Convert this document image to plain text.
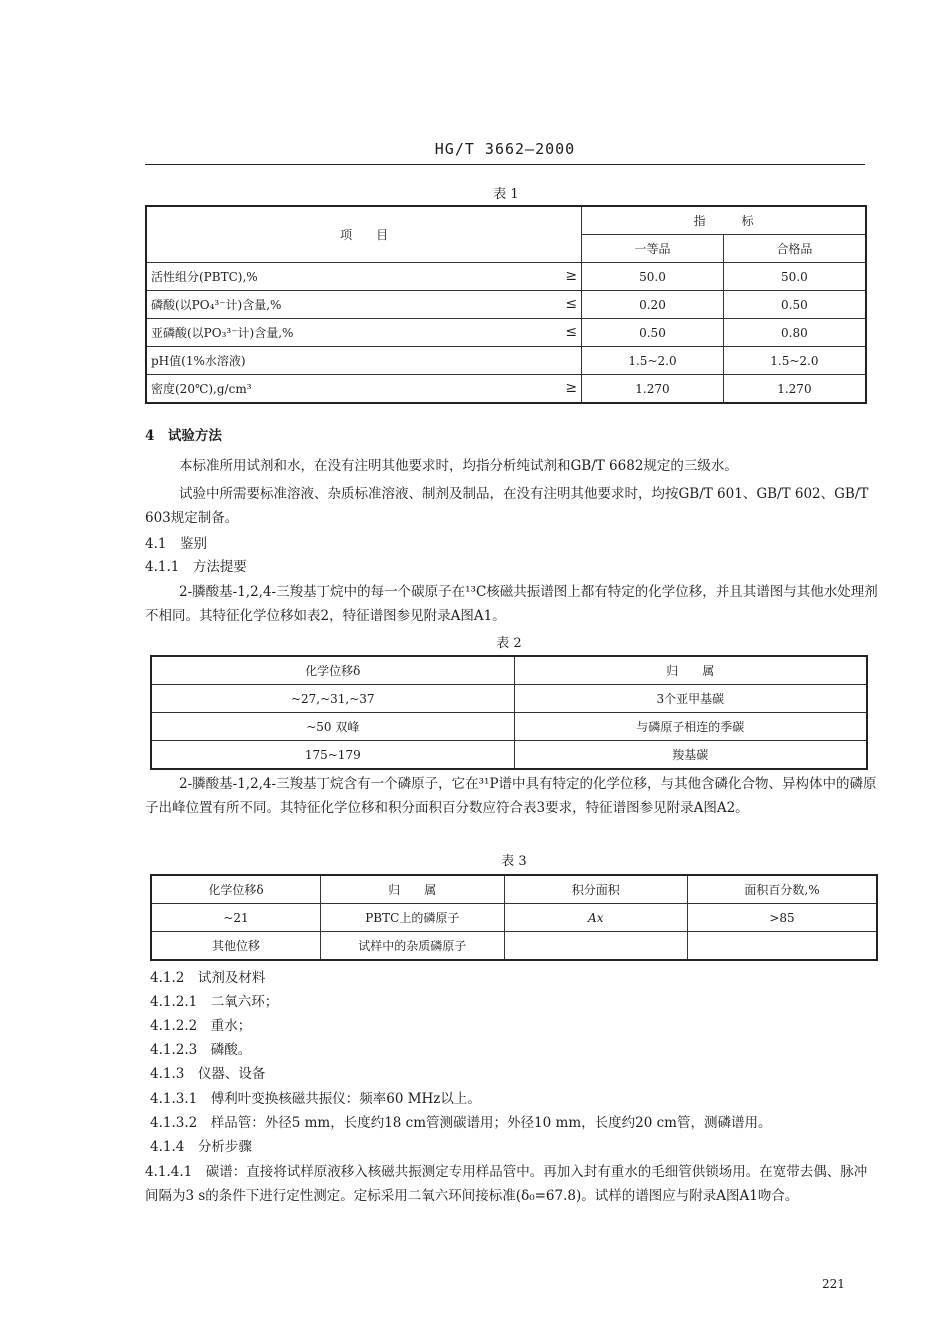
HG/T 3662—2000
表 1
项　　目	指　　　标	
	一等品	合格品
活性组分(PBTC),% ≥	50.0	50.0
磷酸(以PO₄³⁻计)含量,% ≤	0.20	0.50
亚磷酸(以PO₃³⁻计)含量,% ≤	0.50	0.80
pH值(1%水溶液)	1.5~2.0	1.5~2.0
密度(20℃),g/cm³ ≥	1.270	1.270
4　试验方法
本标准所用试剂和水，在没有注明其他要求时，均指分析纯试剂和GB/T 6682规定的三级水。
试验中所需要标准溶液、杂质标准溶液、制剂及制品，在没有注明其他要求时，均按GB/T 601、GB/T 602、GB/T 603规定制备。
4.1　鉴别
4.1.1　方法提要
2-膦酸基-1,2,4-三羧基丁烷中的每一个碳原子在¹³C核磁共振谱图上都有特定的化学位移，并且其谱图与其他水处理剂不相同。其特征化学位移如表2，特征谱图参见附录A图A1。
表 2
化学位移δ	归　　属
~27,~31,~37	3个亚甲基碳
~50 双峰	与磷原子相连的季碳
175~179	羧基碳
2-膦酸基-1,2,4-三羧基丁烷含有一个磷原子，它在³¹P谱中具有特定的化学位移，与其他含磷化合物、异构体中的磷原子出峰位置有所不同。其特征化学位移和积分面积百分数应符合表3要求，特征谱图参见附录A图A2。
表 3
化学位移δ	归　　属	积分面积	面积百分数,%
~21	PBTC上的磷原子	Ax	>85
其他位移	试样中的杂质磷原子		
4.1.2　试剂及材料
4.1.2.1　二氧六环；
4.1.2.2　重水；
4.1.2.3　磷酸。
4.1.3　仪器、设备
4.1.3.1　傅利叶变换核磁共振仪：频率60 MHz以上。
4.1.3.2　样品管：外径5 mm，长度约18 cm管测碳谱用；外径10 mm，长度约20 cm管，测磷谱用。
4.1.4　分析步骤
4.1.4.1　碳谱：直接将试样原液移入核磁共振测定专用样品管中。再加入封有重水的毛细管供锁场用。在宽带去偶、脉冲间隔为3 s的条件下进行定性测定。定标采用二氧六环间接标准(δ₀=67.8)。试样的谱图应与附录A图A1吻合。
221
